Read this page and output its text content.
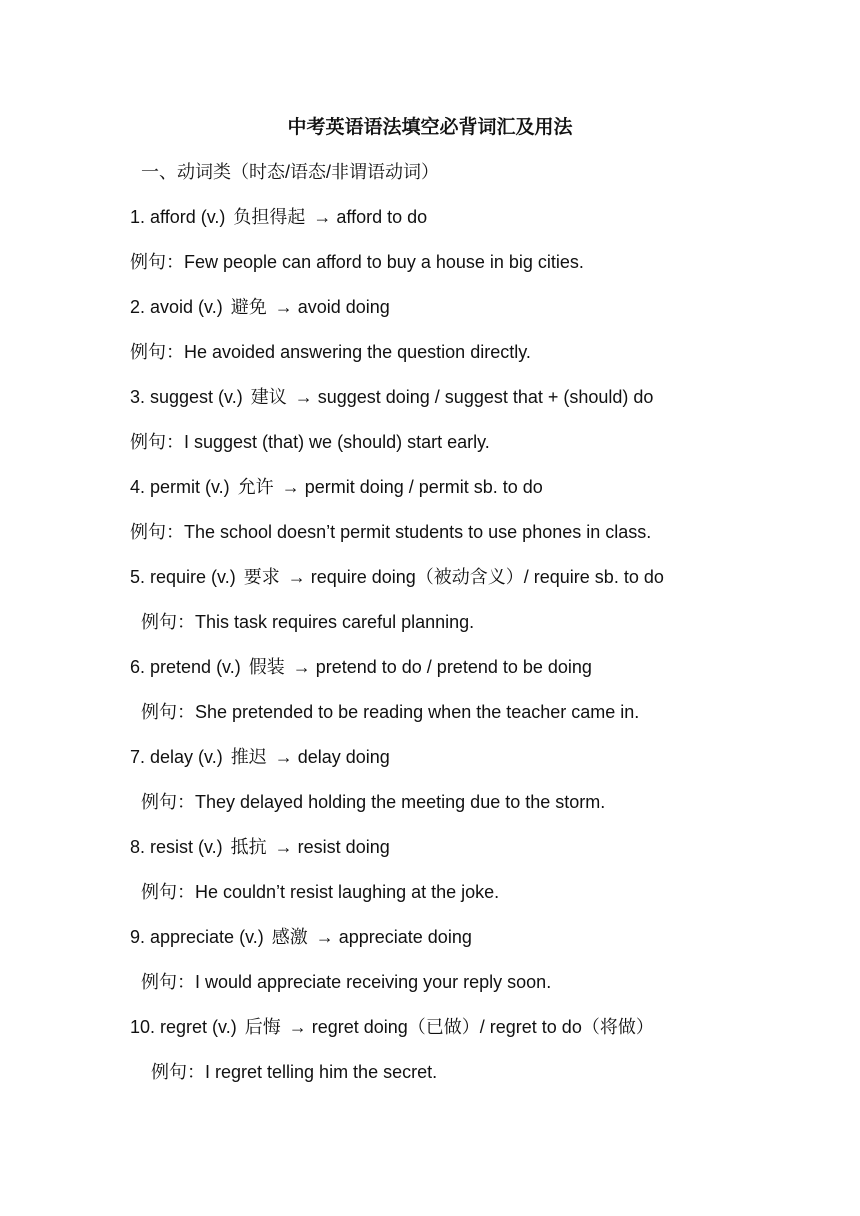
中考英语语法填空必背词汇及用法
一、动词类（时态/语态/非谓语动词）
1. afford (v.) 负担得起 → afford to do
例句：Few people can afford to buy a house in big cities.
2. avoid (v.) 避免 → avoid doing
例句：He avoided answering the question directly.
3. suggest (v.) 建议 → suggest doing / suggest that + (should) do
例句：I suggest (that) we (should) start early.
4. permit (v.) 允许 → permit doing / permit sb. to do
例句：The school doesn’t permit students to use phones in class.
5. require (v.) 要求 → require doing（被动含义）/ require sb. to do
例句：This task requires careful planning.
6. pretend (v.) 假装 → pretend to do / pretend to be doing
例句：She pretended to be reading when the teacher came in.
7. delay (v.) 推迟 → delay doing
例句：They delayed holding the meeting due to the storm.
8. resist (v.) 抵抗 → resist doing
例句：He couldn’t resist laughing at the joke.
9. appreciate (v.) 感激 → appreciate doing
例句：I would appreciate receiving your reply soon.
10. regret (v.) 后悔 → regret doing（已做）/ regret to do（将做）
例句：I regret telling him the secret.
